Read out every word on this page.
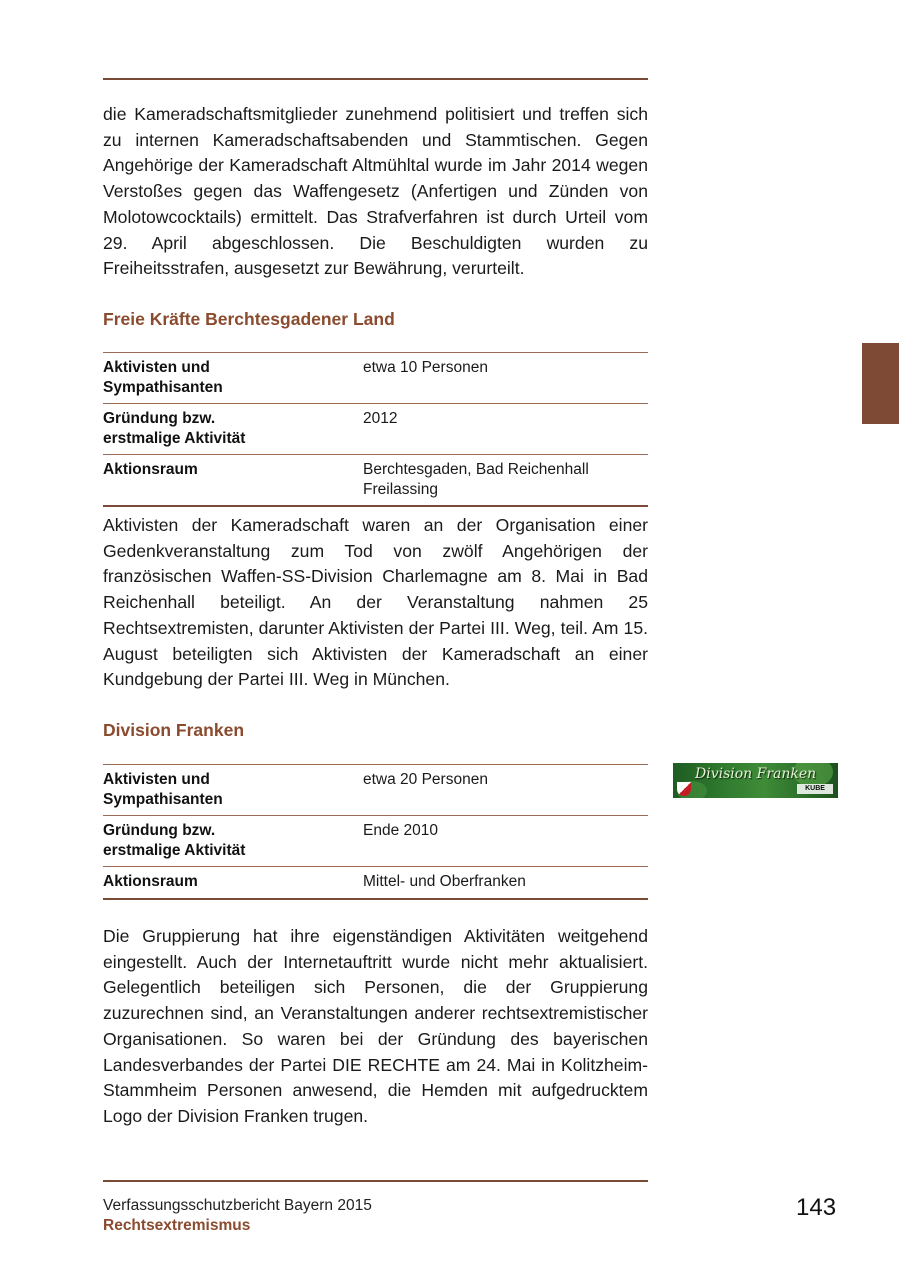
die Kameradschaftsmitglieder zunehmend politisiert und treffen sich zu internen Kameradschaftsabenden und Stammtischen. Gegen Angehörige der Kameradschaft Altmühltal wurde im Jahr 2014 wegen Verstoßes gegen das Waffengesetz (Anfertigen und Zünden von Molotowcocktails) ermittelt. Das Strafverfahren ist durch Urteil vom 29. April abgeschlossen. Die Beschuldigten wurden zu Freiheitsstrafen, ausgesetzt zur Bewährung, verurteilt.

Freie Kräfte Berchtesgadener Land
Aktivisten und
Sympathisanten
etwa 10 Personen
Gründung bzw.
erstmalige Aktivität
2012
Aktionsraum	Berchtesgaden, Bad Reichenhall
Freilassing

Aktivisten der Kameradschaft waren an der Organisation einer Gedenkveranstaltung zum Tod von zwölf Angehörigen der französischen Waffen-SS-Division Charlemagne am 8. Mai in Bad Reichenhall beteiligt. An der Veranstaltung nahmen 25 Rechtsextremisten, darunter Aktivisten der Partei III. Weg, teil. Am 15. August beteiligten sich Aktivisten der Kameradschaft an einer Kundgebung der Partei III. Weg in München.

Division Franken
Aktivisten und
Sympathisanten
etwa 20 Personen
Gründung bzw.
erstmalige Aktivität
Ende 2010
Aktionsraum	Mittel- und Oberfranken
Division Franken
KUBE

Die Gruppierung hat ihre eigenständigen Aktivitäten weitgehend eingestellt. Auch der Internetauftritt wurde nicht mehr aktualisiert. Gelegentlich beteiligen sich Personen, die der Gruppierung zuzurechnen sind, an Veranstaltungen anderer rechtsextremistischer Organisationen. So waren bei der Gründung des bayerischen Landesverbandes der Partei DIE RECHTE am 24. Mai in Kolitzheim-Stammheim Personen anwesend, die Hemden mit aufgedrucktem Logo der Division Franken trugen.

Verfassungsschutzbericht Bayern 2015
Rechtsextremismus
143
